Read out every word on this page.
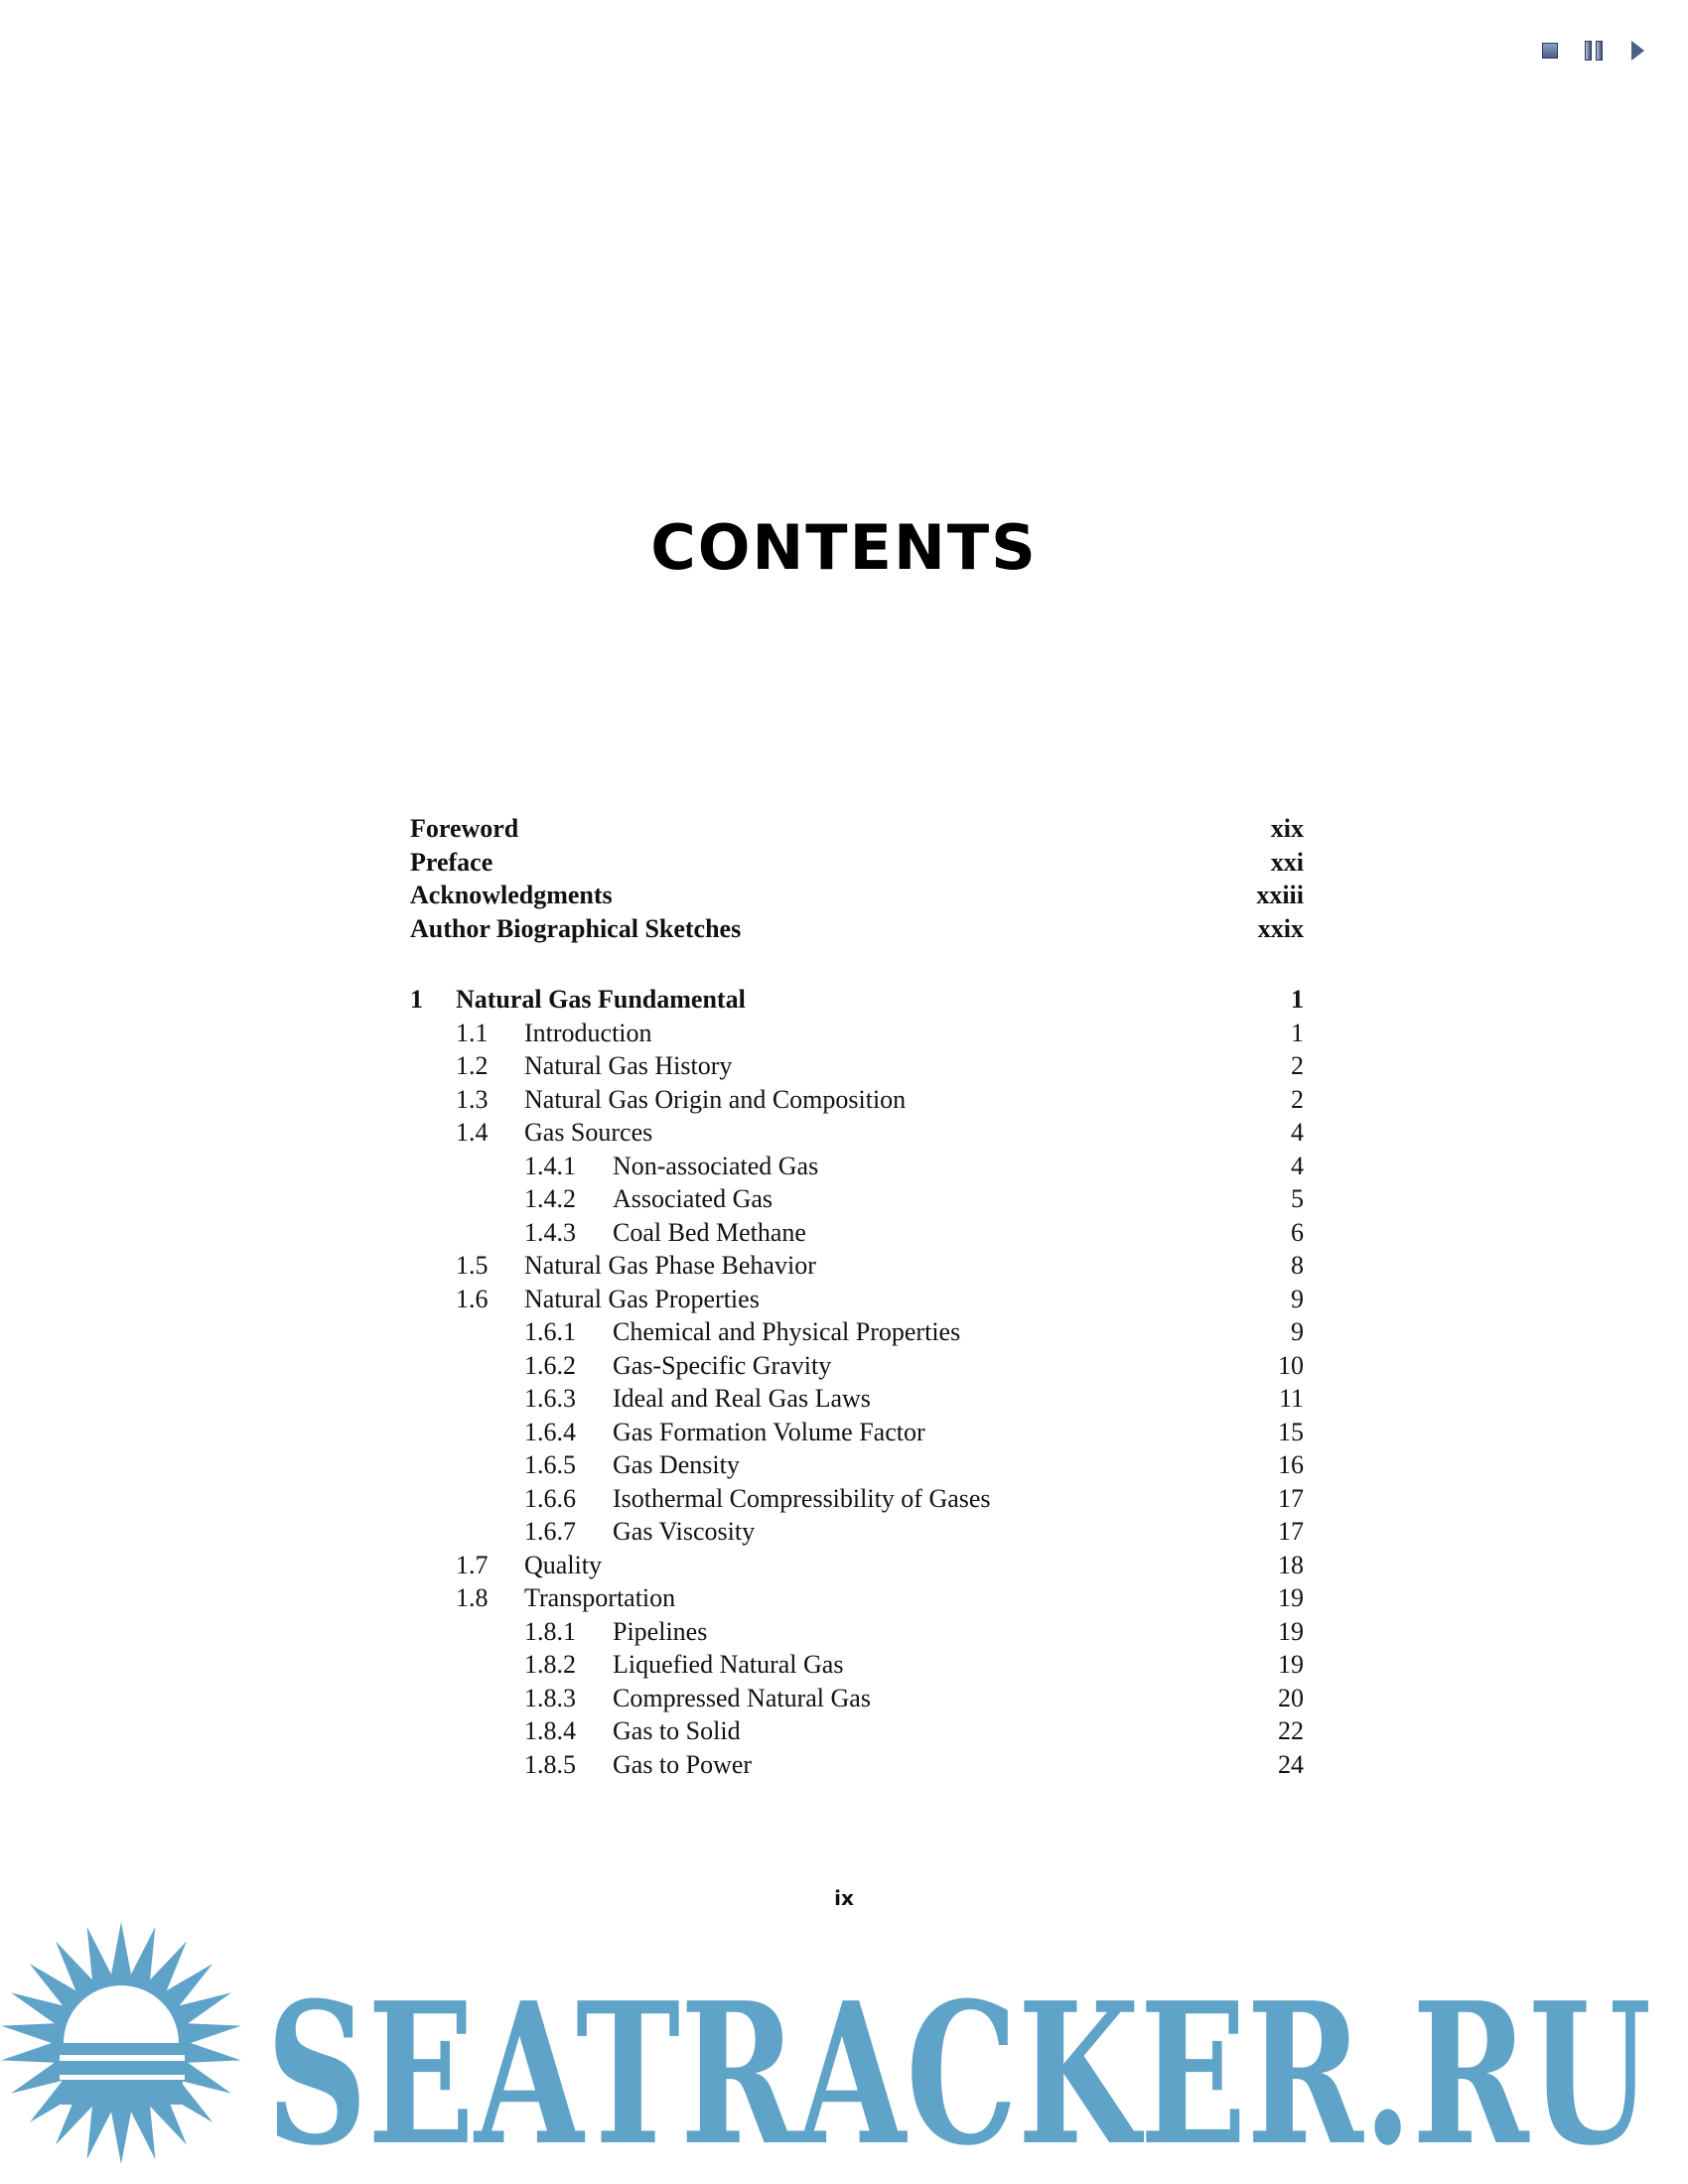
CONTENTS
Foreword	xix
Preface	xxi
Acknowledgments	xxiii
Author Biographical Sketches	xxix
1 Natural Gas Fundamental	1
1.1 Introduction	1
1.2 Natural Gas History	2
1.3 Natural Gas Origin and Composition	2
1.4 Gas Sources	4
1.4.1 Non-associated Gas	4
1.4.2 Associated Gas	5
1.4.3 Coal Bed Methane	6
1.5 Natural Gas Phase Behavior	8
1.6 Natural Gas Properties	9
1.6.1 Chemical and Physical Properties	9
1.6.2 Gas-Specific Gravity	10
1.6.3 Ideal and Real Gas Laws	11
1.6.4 Gas Formation Volume Factor	15
1.6.5 Gas Density	16
1.6.6 Isothermal Compressibility of Gases	17
1.6.7 Gas Viscosity	17
1.7 Quality	18
1.8 Transportation	19
1.8.1 Pipelines	19
1.8.2 Liquefied Natural Gas	19
1.8.3 Compressed Natural Gas	20
1.8.4 Gas to Solid	22
1.8.5 Gas to Power	24
ix
SEATRACKER.RU
